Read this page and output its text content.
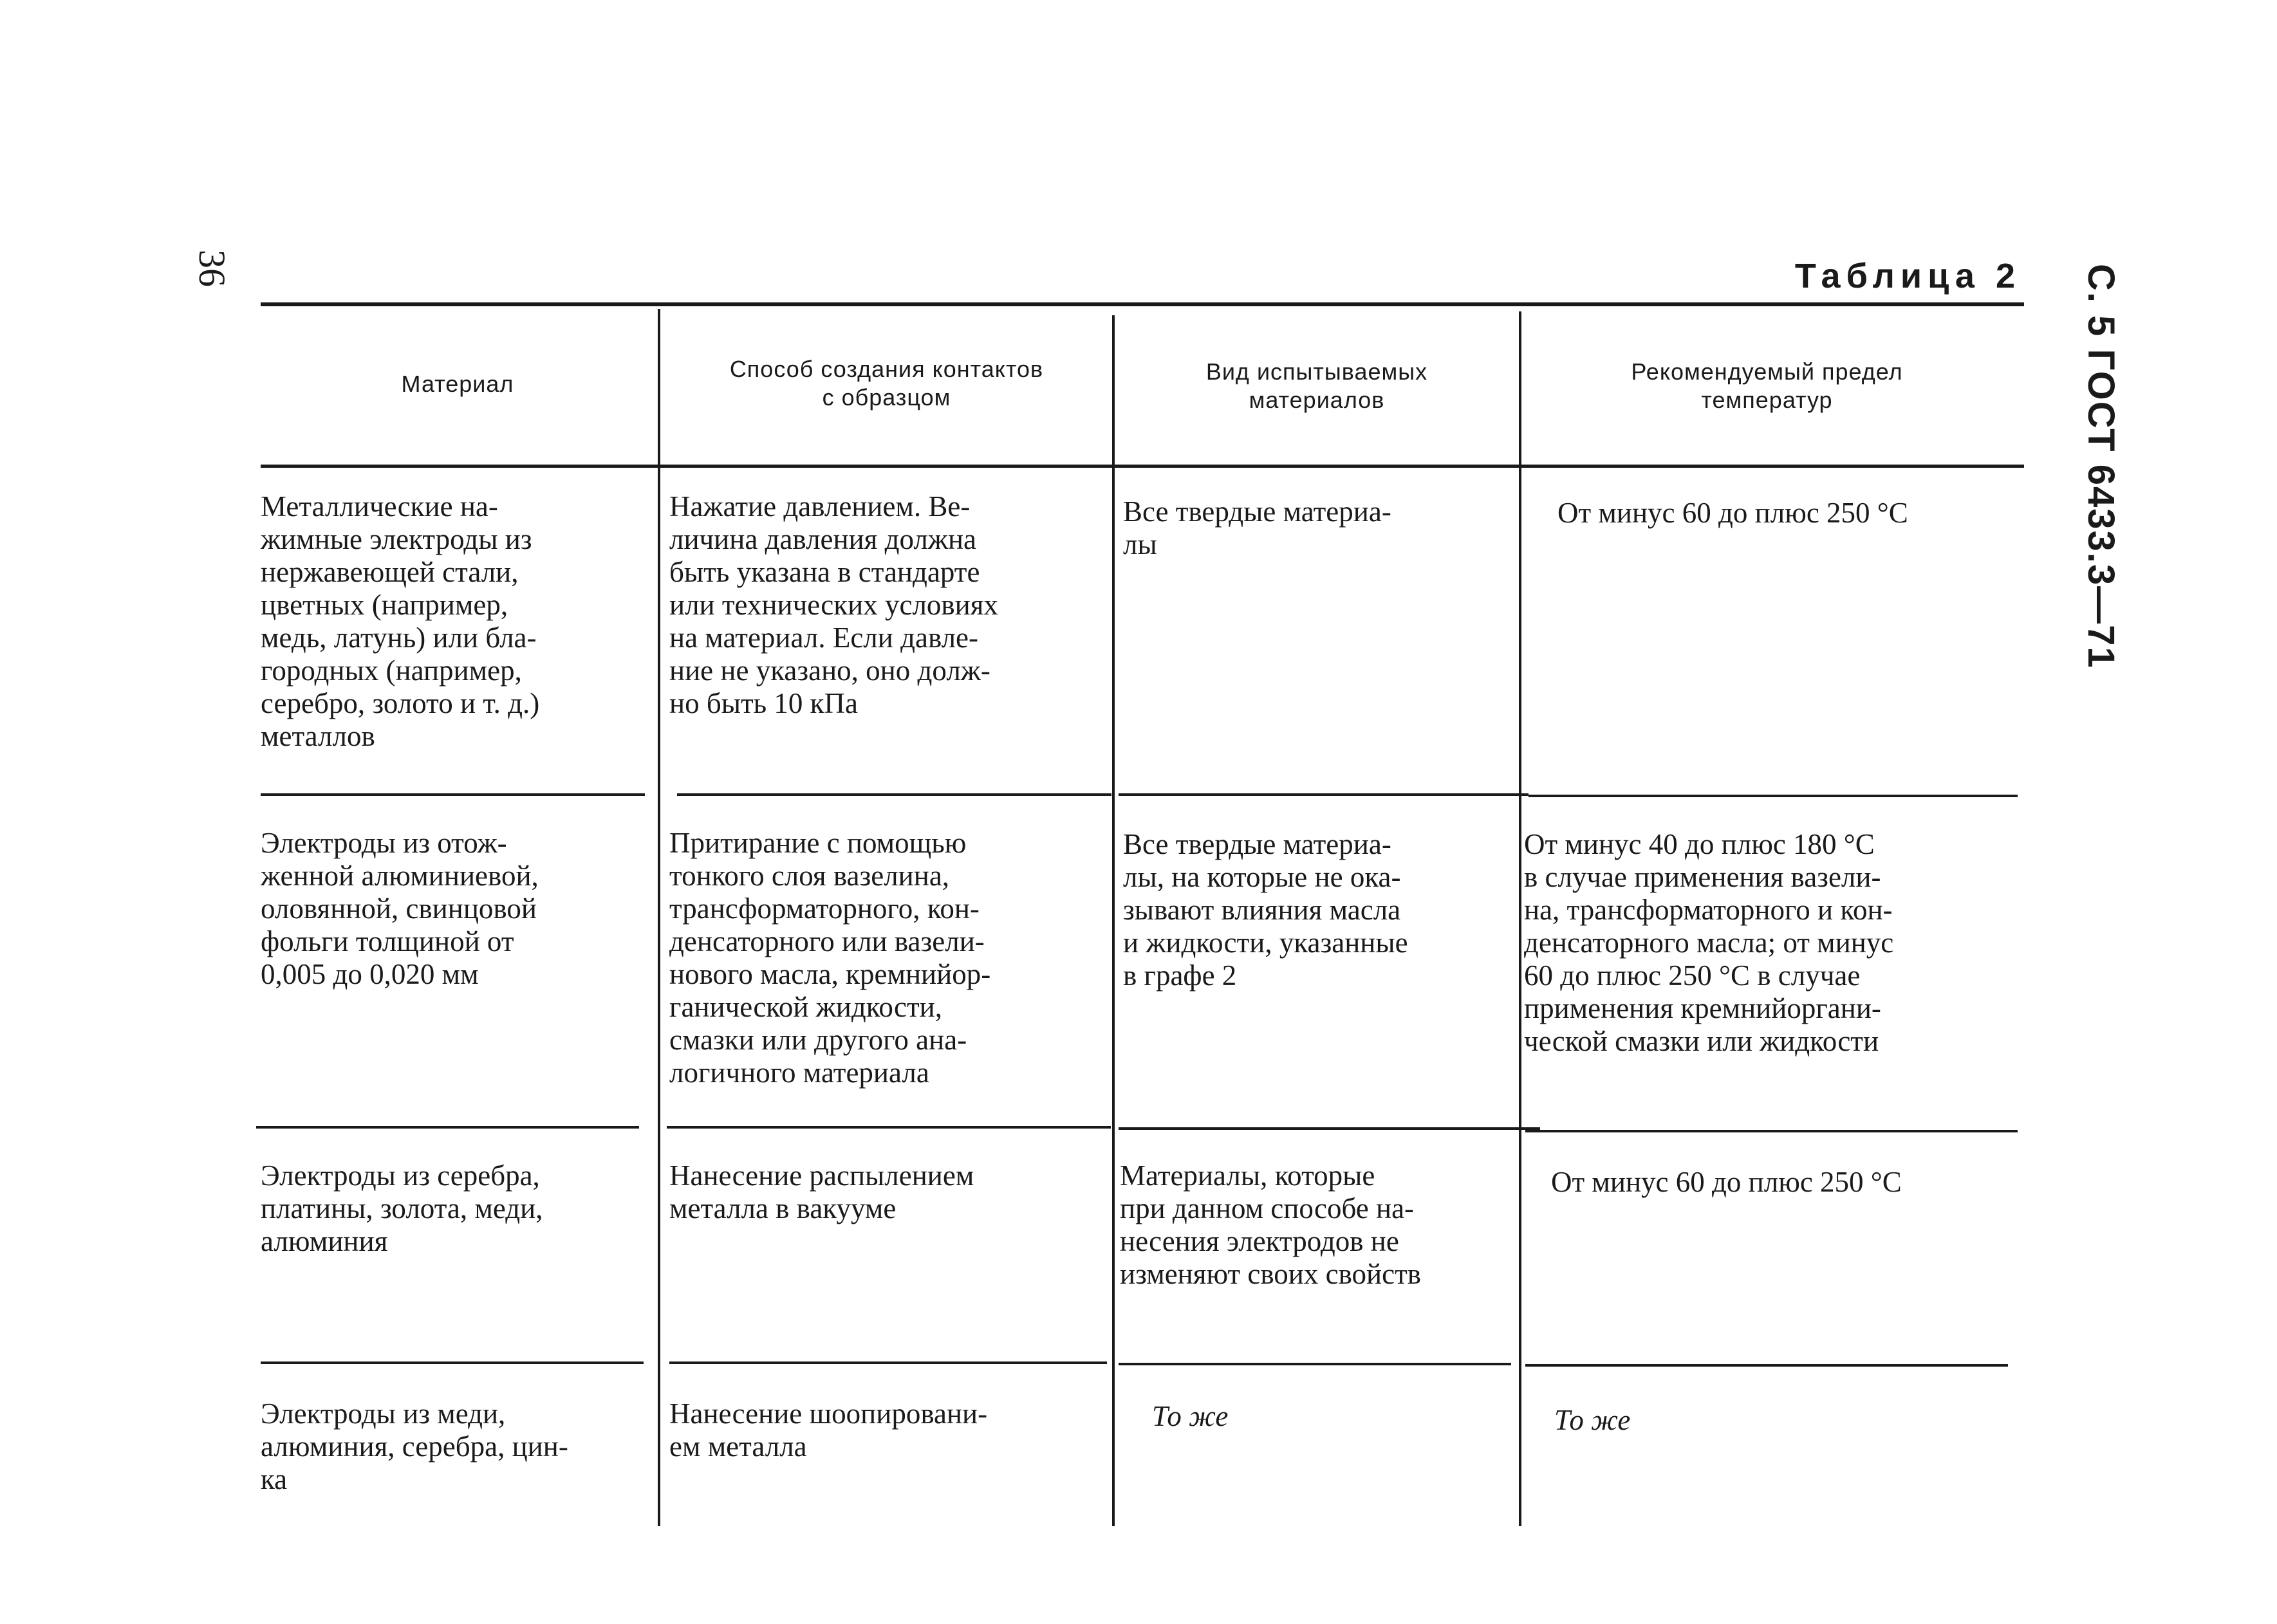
36	С. 5 ГОСТ 6433.3—71
Таблица 2
Материал
Способ создания контактов
с образцом
Вид испытываемых
материалов
Рекомендуемый предел
температур
Металлические на-
жимные электроды из
нержавеющей стали,
цветных (например,
медь, латунь) или бла-
городных (например,
серебро, золото и т. д.)
металлов
Нажатие давлением. Ве-
личина давления должна
быть указана в стандарте
или технических условиях
на материал. Если давле-
ние не указано, оно долж-
но быть 10 кПа
Все твердые материа-
лы
От минус 60 до плюс 250 °С
Электроды из отож-
женной алюминиевой,
оловянной, свинцовой
фольги толщиной от
0,005 до 0,020 мм
Притирание с помощью
тонкого слоя вазелина,
трансформаторного, кон-
денсаторного или вазели-
нового масла, кремнийор-
ганической жидкости,
смазки или другого ана-
логичного материала
Все твердые материа-
лы, на которые не ока-
зывают влияния масла
и жидкости, указанные
в графе 2
От минус 40 до плюс 180 °С
в случае применения вазели-
на, трансформаторного и кон-
денсаторного масла; от минус
60 до плюс 250 °С в случае
применения кремнийоргани-
ческой смазки или жидкости
Электроды из серебра,
платины, золота, меди,
алюминия
Нанесение распылением
металла в вакууме
Материалы, которые
при данном способе на-
несения электродов не
изменяют своих свойств
От минус 60 до плюс 250 °С
Электроды из меди,
алюминия, серебра, цин-
ка
Нанесение шоопировани-
ем металла
То же	То же
